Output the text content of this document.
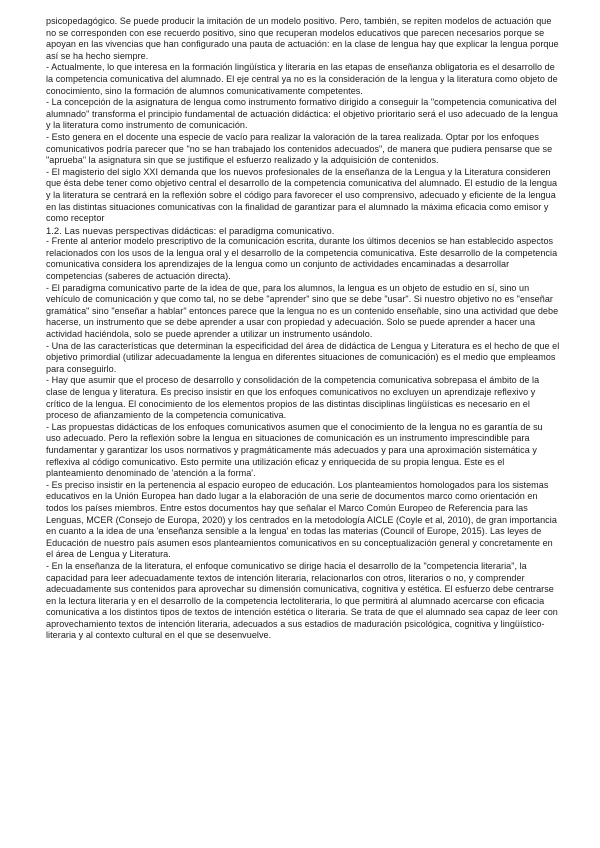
psicopedagógico. Se puede producir la imitación de un modelo positivo. Pero, también, se repiten modelos de actuación que no se corresponden con ese recuerdo positivo, sino que recuperan modelos educativos que parecen necesarios porque se apoyan en las vivencias que han configurado una pauta de actuación: en la clase de lengua hay que explicar la lengua porque así se ha hecho siempre.

- Actualmente, lo que interesa en la formación lingüística y literaria en las etapas de enseñanza obligatoria es el desarrollo de la competencia comunicativa del alumnado. El eje central ya no es la consideración de la lengua y la literatura como objeto de conocimiento, sino la formación de alumnos comunicativamente competentes.

- La concepción de la asignatura de lengua como instrumento formativo dirigido a conseguir la "competencia comunicativa del alumnado" transforma el principio fundamental de actuación didáctica: el objetivo prioritario será el uso adecuado de la lengua y la literatura como instrumento de comunicación.

- Esto genera en el docente una especie de vacío para realizar la valoración de la tarea realizada. Optar por los enfoques comunicativos podría parecer que "no se han trabajado los contenidos adecuados", de manera que pudiera pensarse que se "aprueba" la asignatura sin que se justifique el esfuerzo realizado y la adquisición de contenidos.

- El magisterio del siglo XXI demanda que los nuevos profesionales de la enseñanza de la Lengua y la Literatura consideren que ésta debe tener como objetivo central el desarrollo de la competencia comunicativa del alumnado. El estudio de la lengua y la literatura se centrará en la reflexión sobre el código para favorecer el uso comprensivo, adecuado y eficiente de la lengua en las distintas situaciones comunicativas con la finalidad de garantizar para el alumnado la máxima eficacia como emisor y como receptor

1.2. Las nuevas perspectivas didácticas: el paradigma comunicativo.

- Frente al anterior modelo prescriptivo de la comunicación escrita, durante los últimos decenios se han establecido aspectos relacionados con los usos de la lengua oral y el desarrollo de la competencia comunicativa. Este desarrollo de la competencia comunicativa considera los aprendizajes de la lengua como un conjunto de actividades encaminadas a desarrollar competencias (saberes de actuación directa).

- El paradigma comunicativo parte de la idea de que, para los alumnos, la lengua es un objeto de estudio en sí, sino un vehículo de comunicación y que como tal, no se debe "aprender" sino que se debe "usar". Si nuestro objetivo no es "enseñar gramática" sino "enseñar a hablar" entonces parece que la lengua no es un contenido enseñable, sino una actividad que debe hacerse, un instrumento que se debe aprender a usar con propiedad y adecuación. Solo se puede aprender a hacer una actividad haciéndola, solo se puede aprender a utilizar un instrumento usándolo.

- Una de las características que determinan la especificidad del área de didáctica de Lengua y Literatura es el hecho de que el objetivo primordial (utilizar adecuadamente la lengua en diferentes situaciones de comunicación) es el medio que empleamos para conseguirlo.

- Hay que asumir que el proceso de desarrollo y consolidación de la competencia comunicativa sobrepasa el ámbito de la clase de lengua y literatura. Es preciso insistir en que los enfoques comunicativos no excluyen un aprendizaje reflexivo y crítico de la lengua. El conocimiento de los elementos propios de las distintas disciplinas lingüísticas es necesario en el proceso de afianzamiento de la competencia comunicativa.

- Las propuestas didácticas de los enfoques comunicativos asumen que el conocimiento de la lengua no es garantía de su uso adecuado. Pero la reflexión sobre la lengua en situaciones de comunicación es un instrumento imprescindible para fundamentar y garantizar los usos normativos y pragmáticamente más adecuados y para una aproximación sistemática y reflexiva al código comunicativo. Esto permite una utilización eficaz y enriquecida de su propia lengua. Este es el planteamiento denominado de 'atención a la forma'.

- Es preciso insistir en la pertenencia al espacio europeo de educación. Los planteamientos homologados para los sistemas educativos en la Unión Europea han dado lugar a la elaboración de una serie de documentos marco como orientación en todos los países miembros. Entre estos documentos hay que señalar el Marco Común Europeo de Referencia para las Lenguas, MCER (Consejo de Europa, 2020) y los centrados en la metodología AICLE (Coyle et al, 2010), de gran importancia en cuanto a la idea de una 'enseñanza sensible a la lengua' en todas las materias (Council of Europe, 2015). Las leyes de Educación de nuestro país asumen esos planteamientos comunicativos en su conceptualización general y concretamente en el área de Lengua y Literatura.

- En la enseñanza de la literatura, el enfoque comunicativo se dirige hacia el desarrollo de la "competencia literaria", la capacidad para leer adecuadamente textos de intención literaria, relacionarlos con otros, literarios o no, y comprender adecuadamente sus contenidos para aprovechar su dimensión comunicativa, cognitiva y estética. El esfuerzo debe centrarse en la lectura literaria y en el desarrollo de la competencia lectoliteraria, lo que permitirá al alumnado acercarse con eficacia comunicativa a los distintos tipos de textos de intención estética o literaria. Se trata de que el alumnado sea capaz de leer con aprovechamiento textos de intención literaria, adecuados a sus estadios de maduración psicológica, cognitiva y lingüístico-literaria y al contexto cultural en el que se desenvuelve.
